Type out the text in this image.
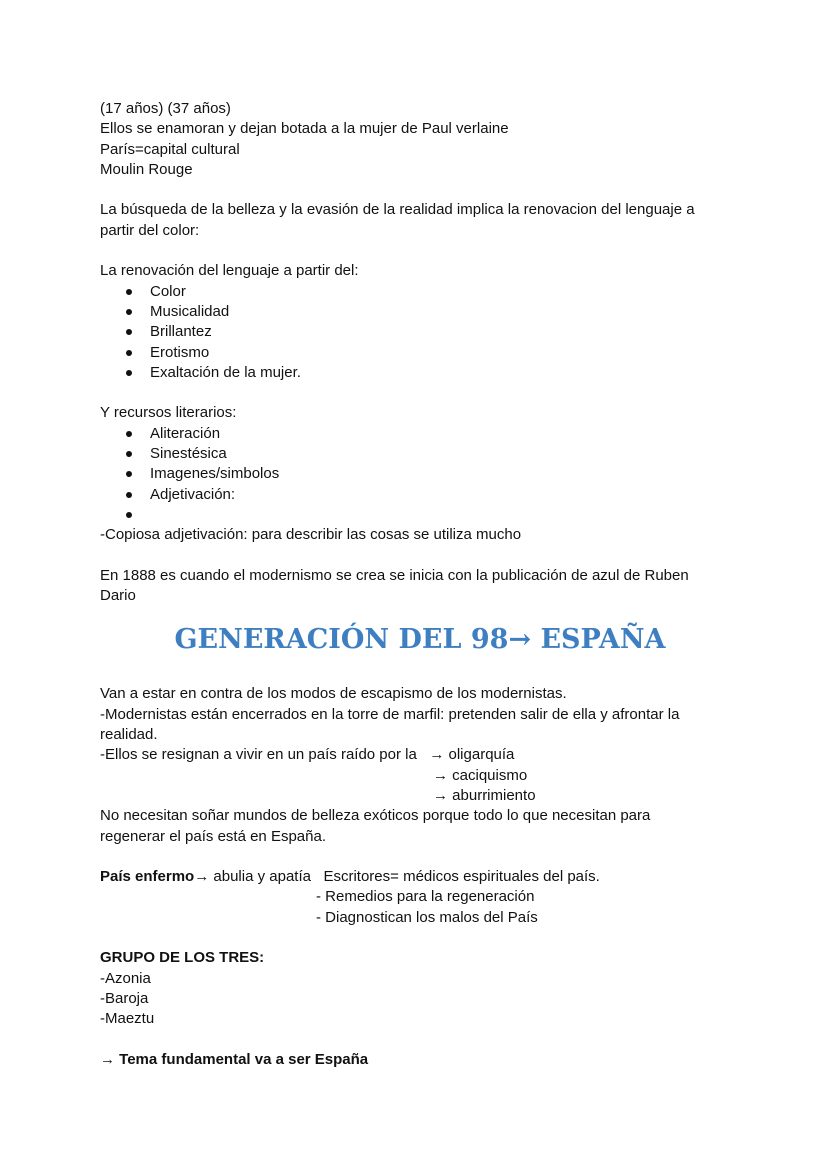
(17 años) (37 años)
Ellos se enamoran y dejan botada a la mujer de Paul verlaine
París=capital cultural
Moulin Rouge
La búsqueda de la belleza y la evasión de la realidad implica la renovacion del lenguaje a
partir del color:
La renovación del lenguaje a partir del:
Color
Musicalidad
Brillantez
Erotismo
Exaltación de la mujer.
Y recursos literarios:
Aliteración
Sinestésica
Imagenes/simbolos
Adjetivación:
-Copiosa adjetivación: para describir las cosas se utiliza mucho
En 1888 es cuando el modernismo se crea se inicia con la publicación de azul de Ruben
Dario
GENERACIÓN DEL 98→ ESPAÑA
Van a estar en contra de los modos de escapismo de los modernistas.
-Modernistas están encerrados en la torre de marfil: pretenden salir de ella y afrontar la
realidad.
-Ellos se resignan a vivir en un país raído por la   → oligarquía
→ caciquismo
→ aburrimiento
No necesitan soñar mundos de belleza exóticos porque todo lo que necesitan para
regenerar el país está en España.
País enfermo→ abulia y apatía   Escritores= médicos espirituales del país.
- Remedios para la regeneración
- Diagnostican los malos del País
GRUPO DE LOS TRES:
-Azonia
-Baroja
-Maeztu
→ Tema fundamental va a ser España
